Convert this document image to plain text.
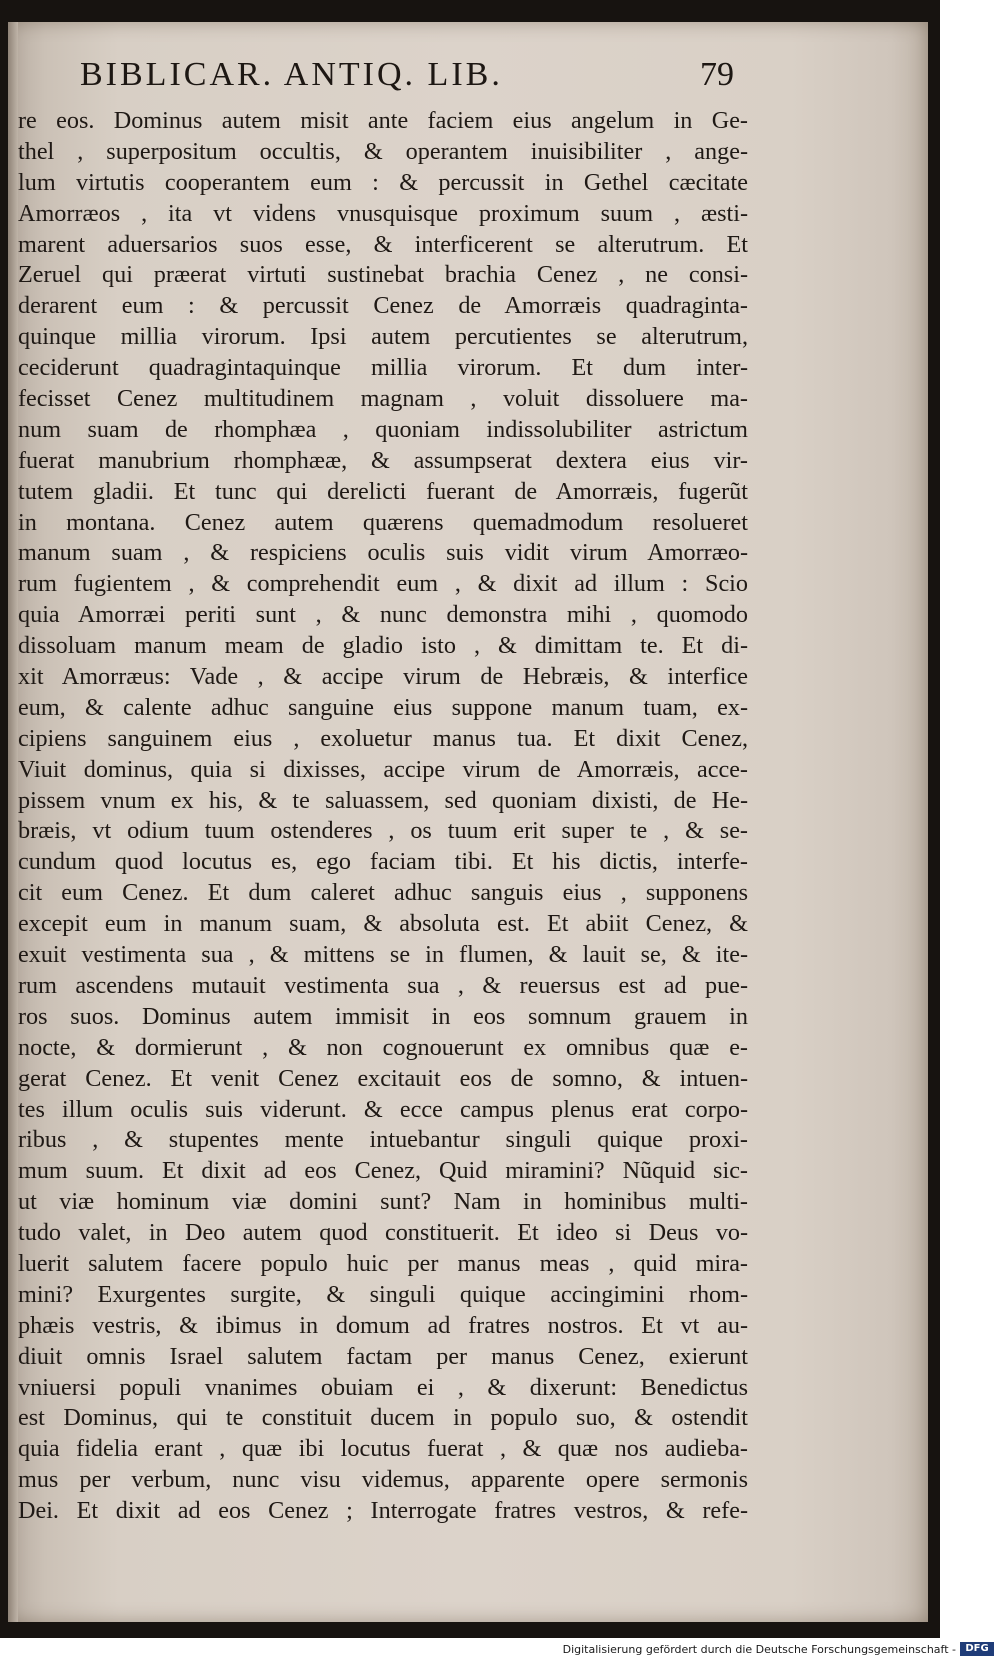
BIBLICAR. ANTIQ. LIB.	79
re eos. Dominus autem misit ante faciem eius angelum in Ge-
thel , superpositum occultis, & operantem inuisibiliter , ange-
lum virtutis cooperantem eum : & percussit in Gethel cæcitate
Amorræos , ita vt videns vnusquisque proximum suum , æsti-
marent aduersarios suos esse, & interficerent se alterutrum. Et
Zeruel qui præerat virtuti sustinebat brachia Cenez , ne consi-
derarent eum : & percussit Cenez de Amorræis quadraginta-
quinque millia virorum. Ipsi autem percutientes se alterutrum,
ceciderunt quadragintaquinque millia virorum. Et dum inter-
fecisset Cenez multitudinem magnam , voluit dissoluere ma-
num suam de rhomphæa , quoniam indissolubiliter astrictum
fuerat manubrium rhomphææ, & assumpserat dextera eius vir-
tutem gladii. Et tunc qui derelicti fuerant de Amorræis, fugerũt
in montana. Cenez autem quærens quemadmodum resolueret
manum suam , & respiciens oculis suis vidit virum Amorræo-
rum fugientem , & comprehendit eum , & dixit ad illum : Scio
quia Amorræi periti sunt , & nunc demonstra mihi , quomodo
dissoluam manum meam de gladio isto , & dimittam te. Et di-
xit Amorræus: Vade , & accipe virum de Hebræis, & interfice
eum, & calente adhuc sanguine eius suppone manum tuam, ex-
cipiens sanguinem eius , exoluetur manus tua. Et dixit Cenez,
Viuit dominus, quia si dixisses, accipe virum de Amorræis, acce-
pissem vnum ex his, & te saluassem, sed quoniam dixisti, de He-
bræis, vt odium tuum ostenderes , os tuum erit super te , & se-
cundum quod locutus es, ego faciam tibi. Et his dictis, interfe-
cit eum Cenez. Et dum caleret adhuc sanguis eius , supponens
excepit eum in manum suam, & absoluta est. Et abiit Cenez, &
exuit vestimenta sua , & mittens se in flumen, & lauit se, & ite-
rum ascendens mutauit vestimenta sua , & reuersus est ad pue-
ros suos. Dominus autem immisit in eos somnum grauem in
nocte, & dormierunt , & non cognouerunt ex omnibus quæ e-
gerat Cenez. Et venit Cenez excitauit eos de somno, & intuen-
tes illum oculis suis viderunt. & ecce campus plenus erat corpo-
ribus , & stupentes mente intuebantur singuli quique proxi-
mum suum. Et dixit ad eos Cenez, Quid miramini? Nũquid sic-
ut viæ hominum viæ domini sunt? Nam in hominibus multi-
tudo valet, in Deo autem quod constituerit. Et ideo si Deus vo-
luerit salutem facere populo huic per manus meas , quid mira-
mini? Exurgentes surgite, & singuli quique accingimini rhom-
phæis vestris, & ibimus in domum ad fratres nostros. Et vt au-
diuit omnis Israel salutem factam per manus Cenez, exierunt
vniuersi populi vnanimes obuiam ei , & dixerunt: Benedictus
est Dominus, qui te constituit ducem in populo suo, & ostendit
quia fidelia erant , quæ ibi locutus fuerat , & quæ nos audieba-
mus per verbum, nunc visu videmus, apparente opere sermonis
Dei. Et dixit ad eos Cenez ; Interrogate fratres vestros, & refe-
Digitalisierung gefördert durch die Deutsche Forschungsgemeinschaft - DFG
